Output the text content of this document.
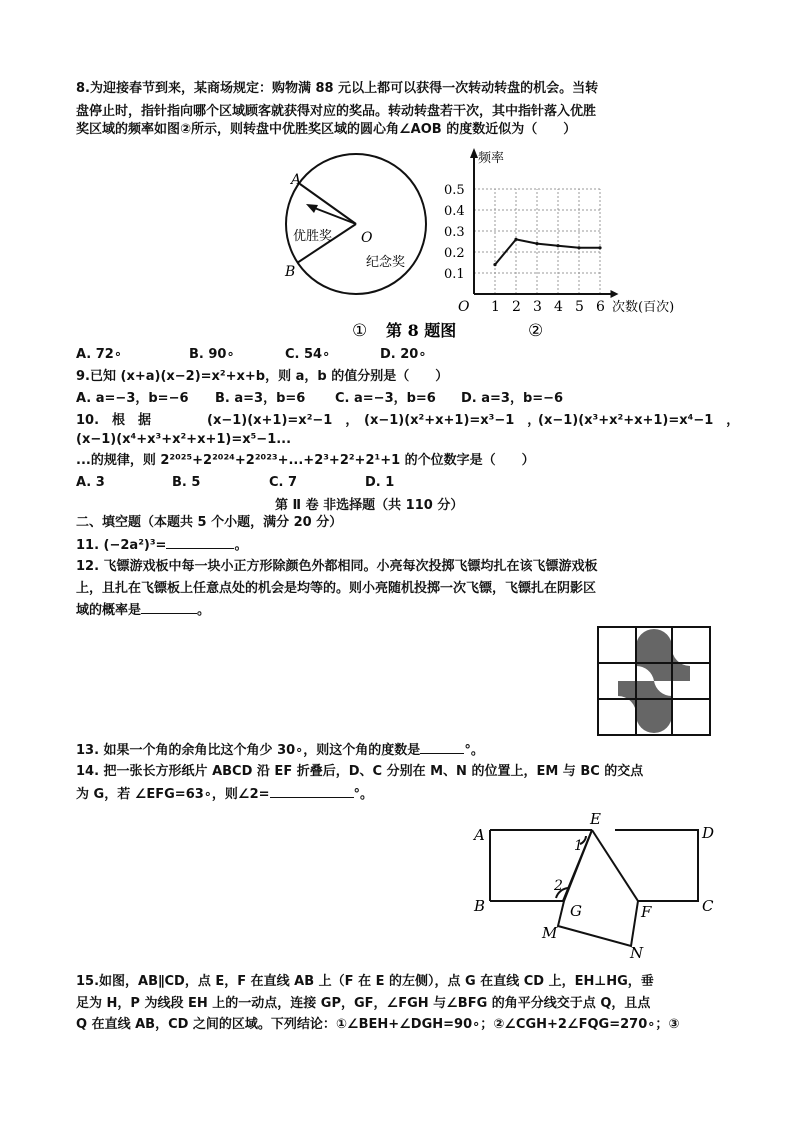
8.为迎接春节到来，某商场规定：购物满 88 元以上都可以获得一次转动转盘的机会。当转
盘停止时，指针指向哪个区域顾客就获得对应的奖品。转动转盘若干次，其中指针落入优胜
奖区域的频率如图②所示，则转盘中优胜奖区域的圆心角∠AOB 的度数近似为（　　）
A
B
O
优胜奖
纪念奖
① 第 8 题图	②
1 2 3 4 5 6
0.1
0.2
0.3
0.4
0.5
O
频率
次数(百次)
A. 72∘	B. 90∘	C. 54∘	D. 20∘
9.已知 (x+a)(x−2)=x²+x+b，则 a，b 的值分别是（　　）
A. a=−3，b=−6 B. a=3，b=6 C. a=−3，b=6 D. a=3，b=−6
10.　根　据	(x−1)(x+1)=x²−1　， (x−1)(x²+x+1)=x³−1　，
(x−1)(x³+x²+x+1)=x⁴−1　，
(x−1)(x⁴+x³+x²+x+1)=x⁵−1...
...的规律，则 2²⁰²⁵+2²⁰²⁴+2²⁰²³+...+2³+2²+2¹+1 的个位数字是（　　）
A. 3	B. 5	C. 7	D. 1
第 Ⅱ 卷 非选择题（共 110 分）
二、填空题（本题共 5 个小题，满分 20 分）
11. (−2a²)³=	。
12. 飞镖游戏板中每一块小正方形除颜色外都相同。小亮每次投掷飞镖均扎在该飞镖游戏板
上，且扎在飞镖板上任意点处的机会是均等的。则小亮随机投掷一次飞镖，飞镖扎在阴影区
域的概率是	。
13. 如果一个角的余角比这个角少 30∘，则这个角的度数是	°。
14. 把一张长方形纸片 ABCD 沿 EF 折叠后，D、C 分别在 M、N 的位置上，EM 与 BC 的交点
为 G，若 ∠EFG=63∘，则∠2=	°。
A
B	C
D
E
F
G
M
N
1
2
15.如图，AB∥CD，点 E，F 在直线 AB 上（F 在 E 的左侧），点 G 在直线 CD 上，EH⊥HG，垂
足为 H，P 为线段 EH 上的一动点，连接 GP，GF，∠FGH 与∠BFG 的角平分线交于点 Q，且点
Q 在直线 AB，CD 之间的区域。下列结论：①∠BEH+∠DGH=90∘；②∠CGH+2∠FQG=270∘；③
